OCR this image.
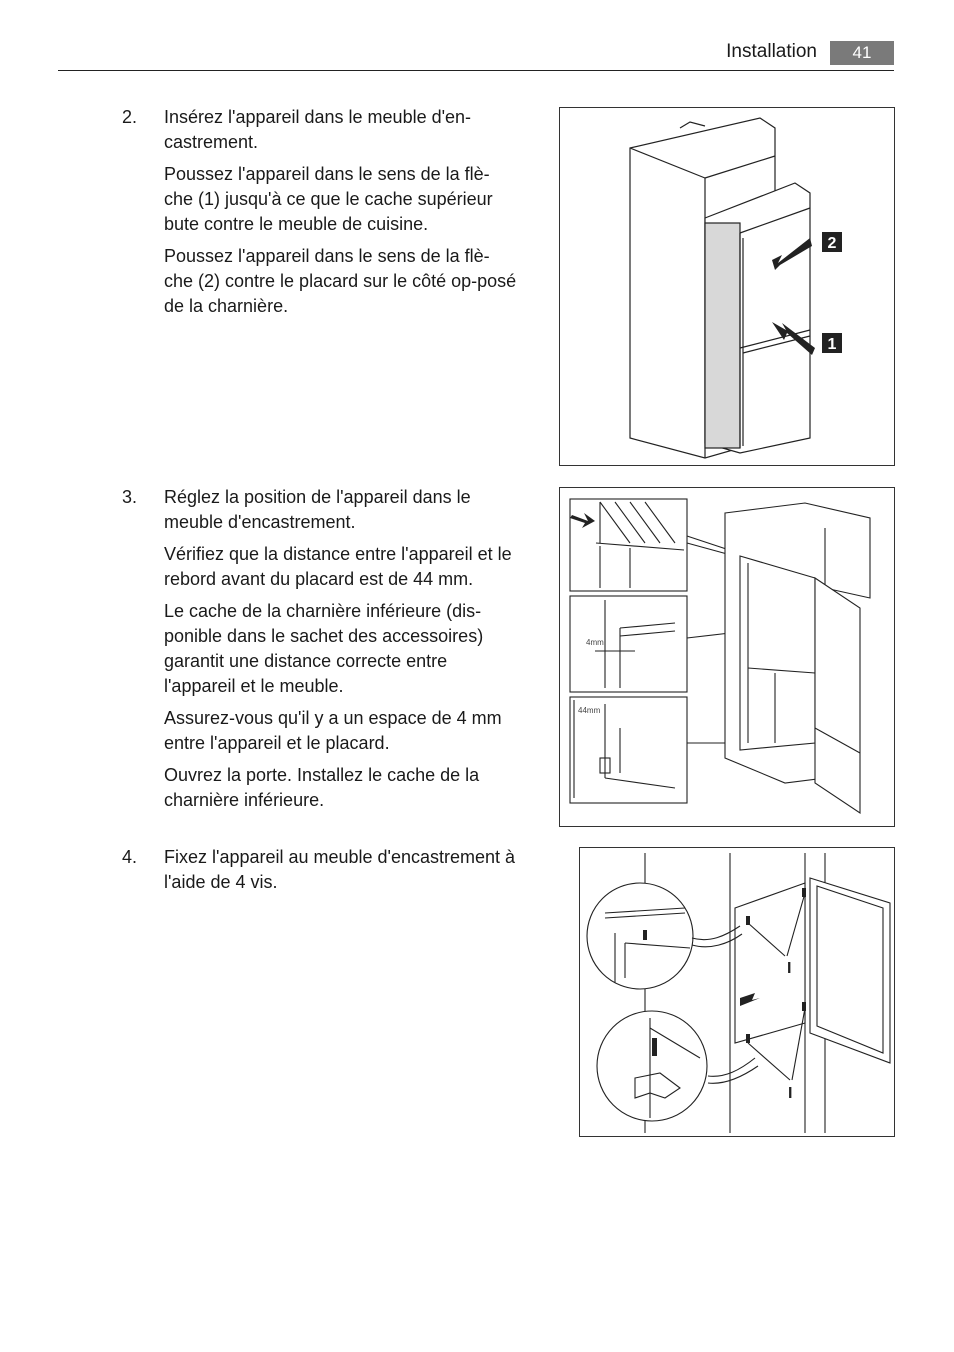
Installation	41
2.	Insérez l'appareil dans le meuble d'en-castrement.

Poussez l'appareil dans le sens de la flè-che (1) jusqu'à ce que le cache supérieur bute contre le meuble de cuisine.

Poussez l'appareil dans le sens de la flè-che (2) contre le placard sur le côté op-posé de la charnière.

3.	Réglez la position de l'appareil dans le meuble d'encastrement.

Vérifiez que la distance entre l'appareil et le rebord avant du placard est de 44 mm.

Le cache de la charnière inférieure (dis-ponible dans le sachet des accessoires) garantit une distance correcte entre l'appareil et le meuble.

Assurez-vous qu'il y a un espace de 4 mm entre l'appareil et le placard.

Ouvrez la porte. Installez le cache de la charnière inférieure.

4.	Fixez l'appareil au meuble d'encastrement à l'aide de 4 vis.

2
1
4mm
44mm
I
I
